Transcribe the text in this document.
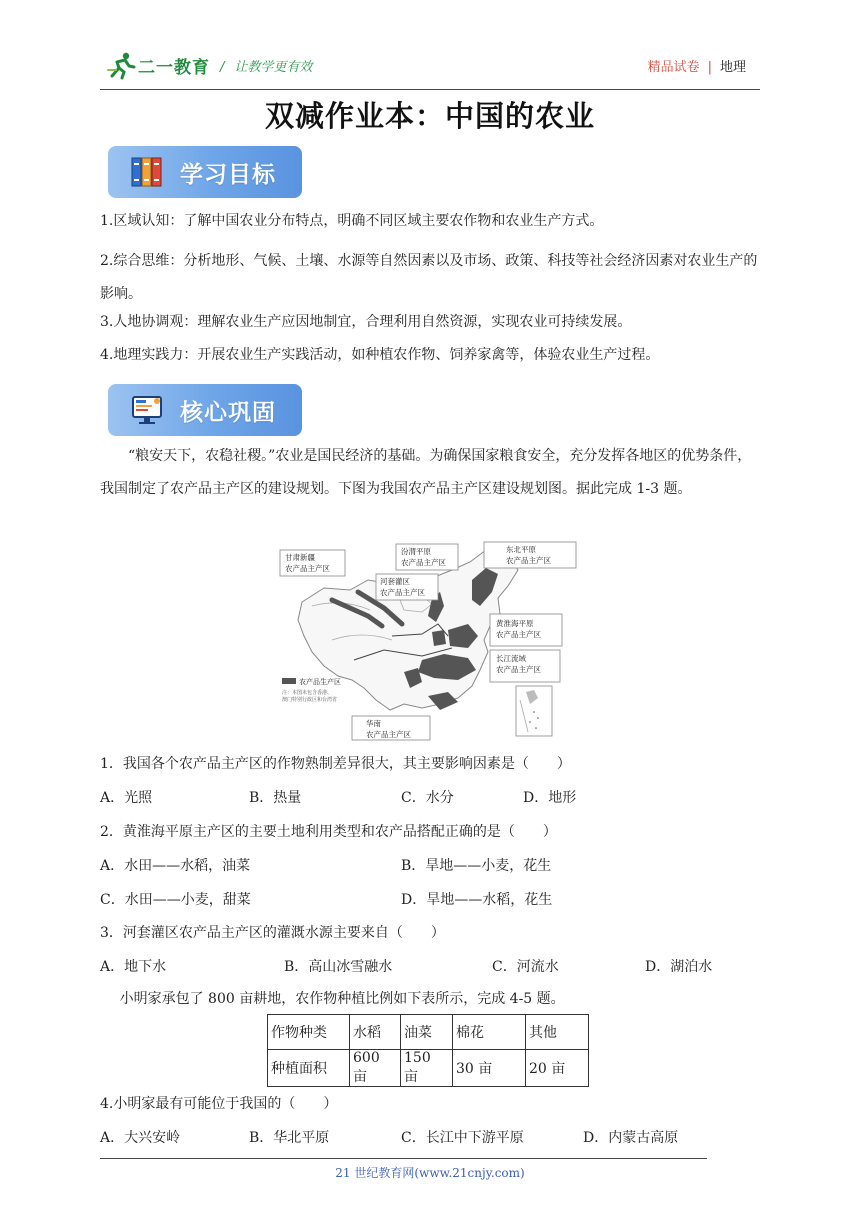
二一教育 / 让教学更有效	精品试卷 | 地理
双减作业本：中国的农业
学习目标
1.区域认知：了解中国农业分布特点，明确不同区域主要农作物和农业生产方式。
2.综合思维：分析地形、气候、土壤、水源等自然因素以及市场、政策、科技等社会经济因素对农业生产的影响。
3.人地协调观：理解农业生产应因地制宜，合理利用自然资源，实现农业可持续发展。
4.地理实践力：开展农业生产实践活动，如种植农作物、饲养家禽等，体验农业生产过程。
核心巩固
“粮安天下，农稳社稷。”农业是国民经济的基础。为确保国家粮食安全，充分发挥各地区的优势条件，我国制定了农产品主产区的建设规划。下图为我国农产品主产区建设规划图。据此完成 1-3 题。
甘肃新疆
农产品主产区
汾渭平原
农产品主产区
东北平原
农产品主产区
河套灌区
农产品主产区
黄淮海平原
农产品主产区
长江流域
农产品主产区
华南
农产品主产区
农产品生产区
注：本图未包含香港、
澳门特别行政区和台湾省
1．我国各个农产品主产区的作物熟制差异很大，其主要影响因素是（　　）
A．光照	B．热量	C．水分	D．地形
2．黄淮海平原主产区的主要土地利用类型和农产品搭配正确的是（　　）
A．水田——水稻，油菜	B．旱地——小麦，花生
C．水田——小麦，甜菜	D．旱地——水稻，花生
3．河套灌区农产品主产区的灌溉水源主要来自（　　）
A．地下水	B．高山冰雪融水	C．河流水	D．湖泊水
小明家承包了 800 亩耕地，农作物种植比例如下表所示，完成 4-5 题。
作物种类	水稻	油菜	棉花	其他
种植面积	600 亩	150 亩	30 亩	20 亩
4.小明家最有可能位于我国的（　　）
A．大兴安岭	B．华北平原	C．长江中下游平原	D．内蒙古高原
21 世纪教育网(www.21cnjy.com)
